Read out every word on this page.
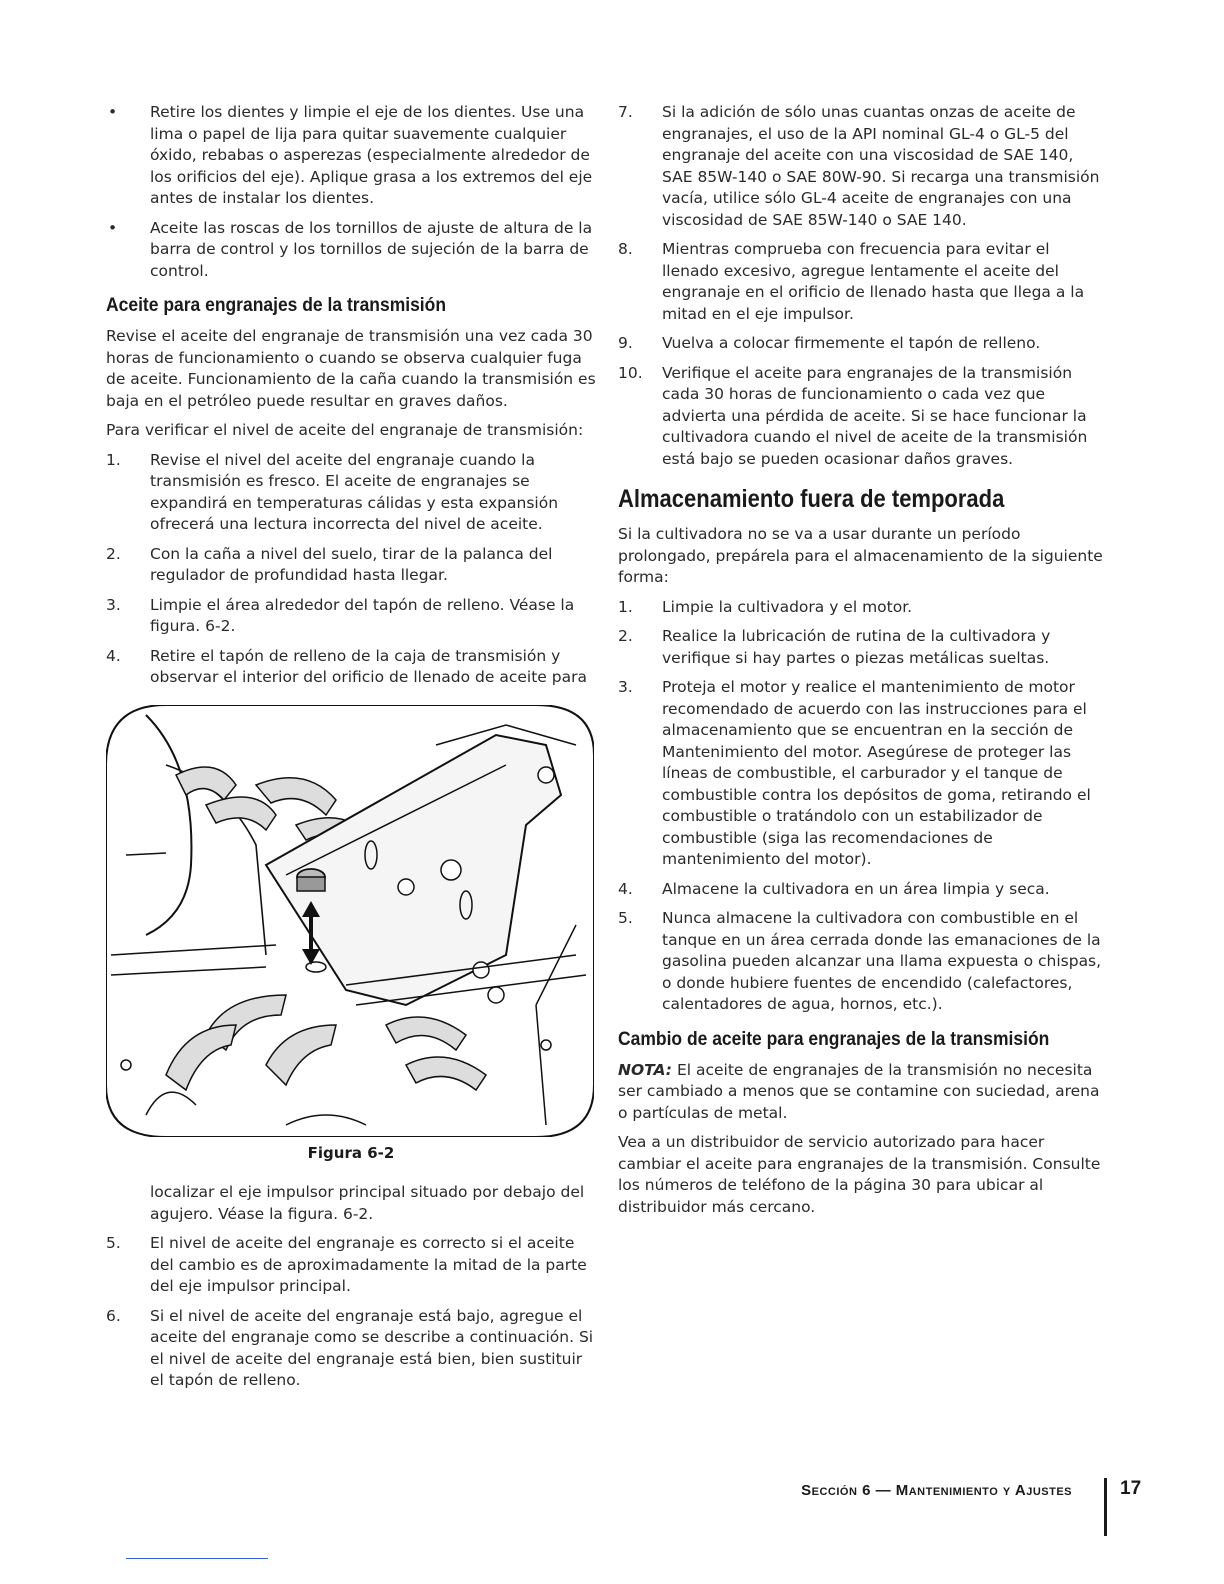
•	Retire los dientes y limpie el eje de los dientes. Use una lima o papel de lija para quitar suavemente cualquier óxido, rebabas o asperezas (especialmente alrededor de los orificios del eje). Aplique grasa a los extremos del eje antes de instalar los dientes.
•	Aceite las roscas de los tornillos de ajuste de altura de la barra de control y los tornillos de sujeción de la barra de control.
Aceite para engranajes de la transmisión

Revise el aceite del engranaje de transmisión una vez cada 30 horas de funcionamiento o cuando se observa cualquier fuga de aceite. Funcionamiento de la caña cuando la transmisión es baja en el petróleo puede resultar en graves daños.

Para verificar el nivel de aceite del engranaje de transmisión:

1.	Revise el nivel del aceite del engranaje cuando la transmisión es fresco. El aceite de engranajes se expandirá en temperaturas cálidas y esta expansión ofrecerá una lectura incorrecta del nivel de aceite.
2.	Con la caña a nivel del suelo, tirar de la palanca del regulador de profundidad hasta llegar.
3.	Limpie el área alrededor del tapón de relleno. Véase la figura. 6-2.
4.	Retire el tapón de relleno de la caja de transmisión y observar el interior del orificio de llenado de aceite para
Figura 6-2

localizar el eje impulsor principal situado por debajo del agujero. Véase la figura. 6-2.

5.	El nivel de aceite del engranaje es correcto si el aceite del cambio es de aproximadamente la mitad de la parte del eje impulsor principal.
6.	Si el nivel de aceite del engranaje está bajo, agregue el aceite del engranaje como se describe a continuación. Si el nivel de aceite del engranaje está bien, bien sustituir el tapón de relleno.
7.	Si la adición de sólo unas cuantas onzas de aceite de engranajes, el uso de la API nominal GL-4 o GL-5 del engranaje del aceite con una viscosidad de SAE 140, SAE 85W-140 o SAE 80W-90. Si recarga una transmisión vacía, utilice sólo GL-4 aceite de engranajes con una viscosidad de SAE 85W-140 o SAE 140.
8.	Mientras comprueba con frecuencia para evitar el llenado excesivo, agregue lentamente el aceite del engranaje en el orificio de llenado hasta que llega a la mitad en el eje impulsor.
9.	Vuelva a colocar firmemente el tapón de relleno.
10.	Verifique el aceite para engranajes de la transmisión cada 30 horas de funcionamiento o cada vez que advierta una pérdida de aceite. Si se hace funcionar la cultivadora cuando el nivel de aceite de la transmisión está bajo se pueden ocasionar daños graves.
Almacenamiento fuera de temporada

Si la cultivadora no se va a usar durante un período prolongado, prepárela para el almacenamiento de la siguiente forma:

1.	Limpie la cultivadora y el motor.
2.	Realice la lubricación de rutina de la cultivadora y verifique si hay partes o piezas metálicas sueltas.
3.	Proteja el motor y realice el mantenimiento de motor recomendado de acuerdo con las instrucciones para el almacenamiento que se encuentran en la sección de Mantenimiento del motor. Asegúrese de proteger las líneas de combustible, el carburador y el tanque de combustible contra los depósitos de goma, retirando el combustible o tratándolo con un estabilizador de combustible (siga las recomendaciones de mantenimiento del motor).
4.	Almacene la cultivadora en un área limpia y seca.
5.	Nunca almacene la cultivadora con combustible en el tanque en un área cerrada donde las emanaciones de la gasolina pueden alcanzar una llama expuesta o chispas, o donde hubiere fuentes de encendido (calefactores, calentadores de agua, hornos, etc.).
Cambio de aceite para engranajes de la transmisión

NOTA: El aceite de engranajes de la transmisión no necesita ser cambiado a menos que se contamine con suciedad, arena o partículas de metal.

Vea a un distribuidor de servicio autorizado para hacer cambiar el aceite para engranajes de la transmisión. Consulte los números de teléfono de la página 30 para ubicar al distribuidor más cercano.

Sección 6 — Mantenimiento y Ajustes	17
